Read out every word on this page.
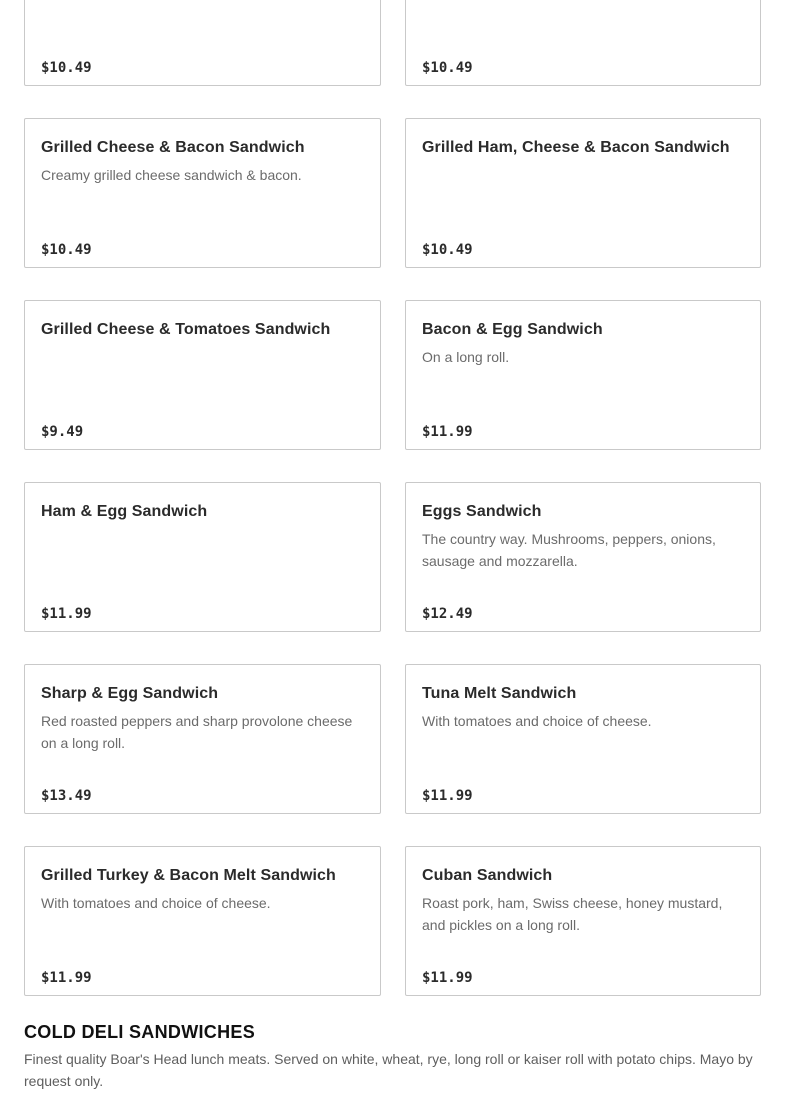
$10.49	$10.49
Grilled Cheese & Bacon Sandwich
Creamy grilled cheese sandwich & bacon.
$10.49
Grilled Ham, Cheese & Bacon Sandwich
$10.49
Grilled Cheese & Tomatoes Sandwich
$9.49
Bacon & Egg Sandwich
On a long roll.
$11.99
Ham & Egg Sandwich
$11.99
Eggs Sandwich
The country way. Mushrooms, peppers, onions, sausage and mozzarella.
$12.49
Sharp & Egg Sandwich
Red roasted peppers and sharp provolone cheese on a long roll.
$13.49
Tuna Melt Sandwich
With tomatoes and choice of cheese.
$11.99
Grilled Turkey & Bacon Melt Sandwich
With tomatoes and choice of cheese.
$11.99
Cuban Sandwich
Roast pork, ham, Swiss cheese, honey mustard, and pickles on a long roll.
$11.99
COLD DELI SANDWICHES
Finest quality Boar's Head lunch meats. Served on white, wheat, rye, long roll or kaiser roll with potato chips. Mayo by request only.
